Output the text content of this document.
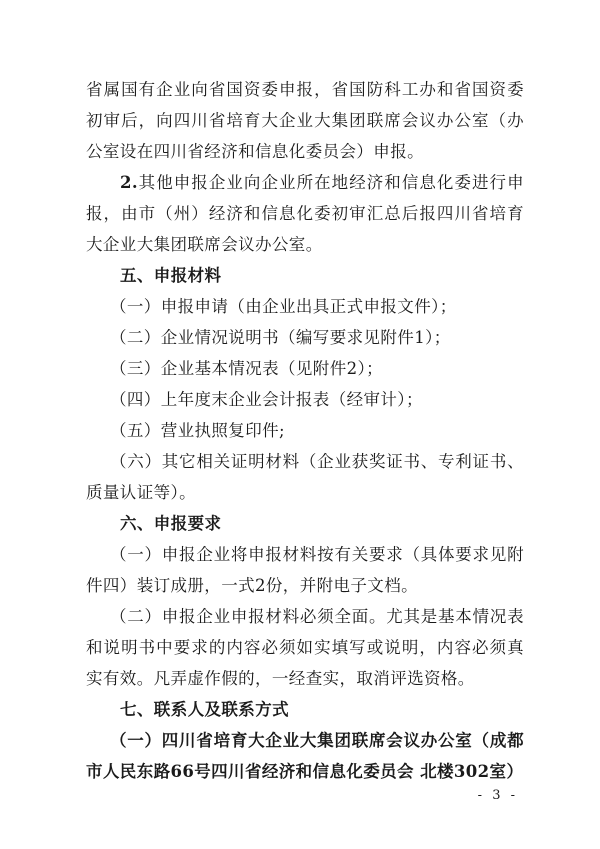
省属国有企业向省国资委申报，省国防科工办和省国资委初审后，向四川省培育大企业大集团联席会议办公室（办公室设在四川省经济和信息化委员会）申报。

2.其他申报企业向企业所在地经济和信息化委进行申报，由市（州）经济和信息化委初审汇总后报四川省培育大企业大集团联席会议办公室。

五、申报材料

（一）申报申请（由企业出具正式申报文件）；

（二）企业情况说明书（编写要求见附件1）；

（三）企业基本情况表（见附件2）；

（四）上年度末企业会计报表（经审计）；

（五）营业执照复印件;

（六）其它相关证明材料（企业获奖证书、专利证书、质量认证等）。

六、申报要求

（一）申报企业将申报材料按有关要求（具体要求见附件四）装订成册，一式2份，并附电子文档。

（二）申报企业申报材料必须全面。尤其是基本情况表和说明书中要求的内容必须如实填写或说明，内容必须真实有效。凡弄虚作假的，一经查实，取消评选资格。

七、联系人及联系方式

（一）四川省培育大企业大集团联席会议办公室（成都市人民东路66号四川省经济和信息化委员会 北楼302室）

- 3 -
